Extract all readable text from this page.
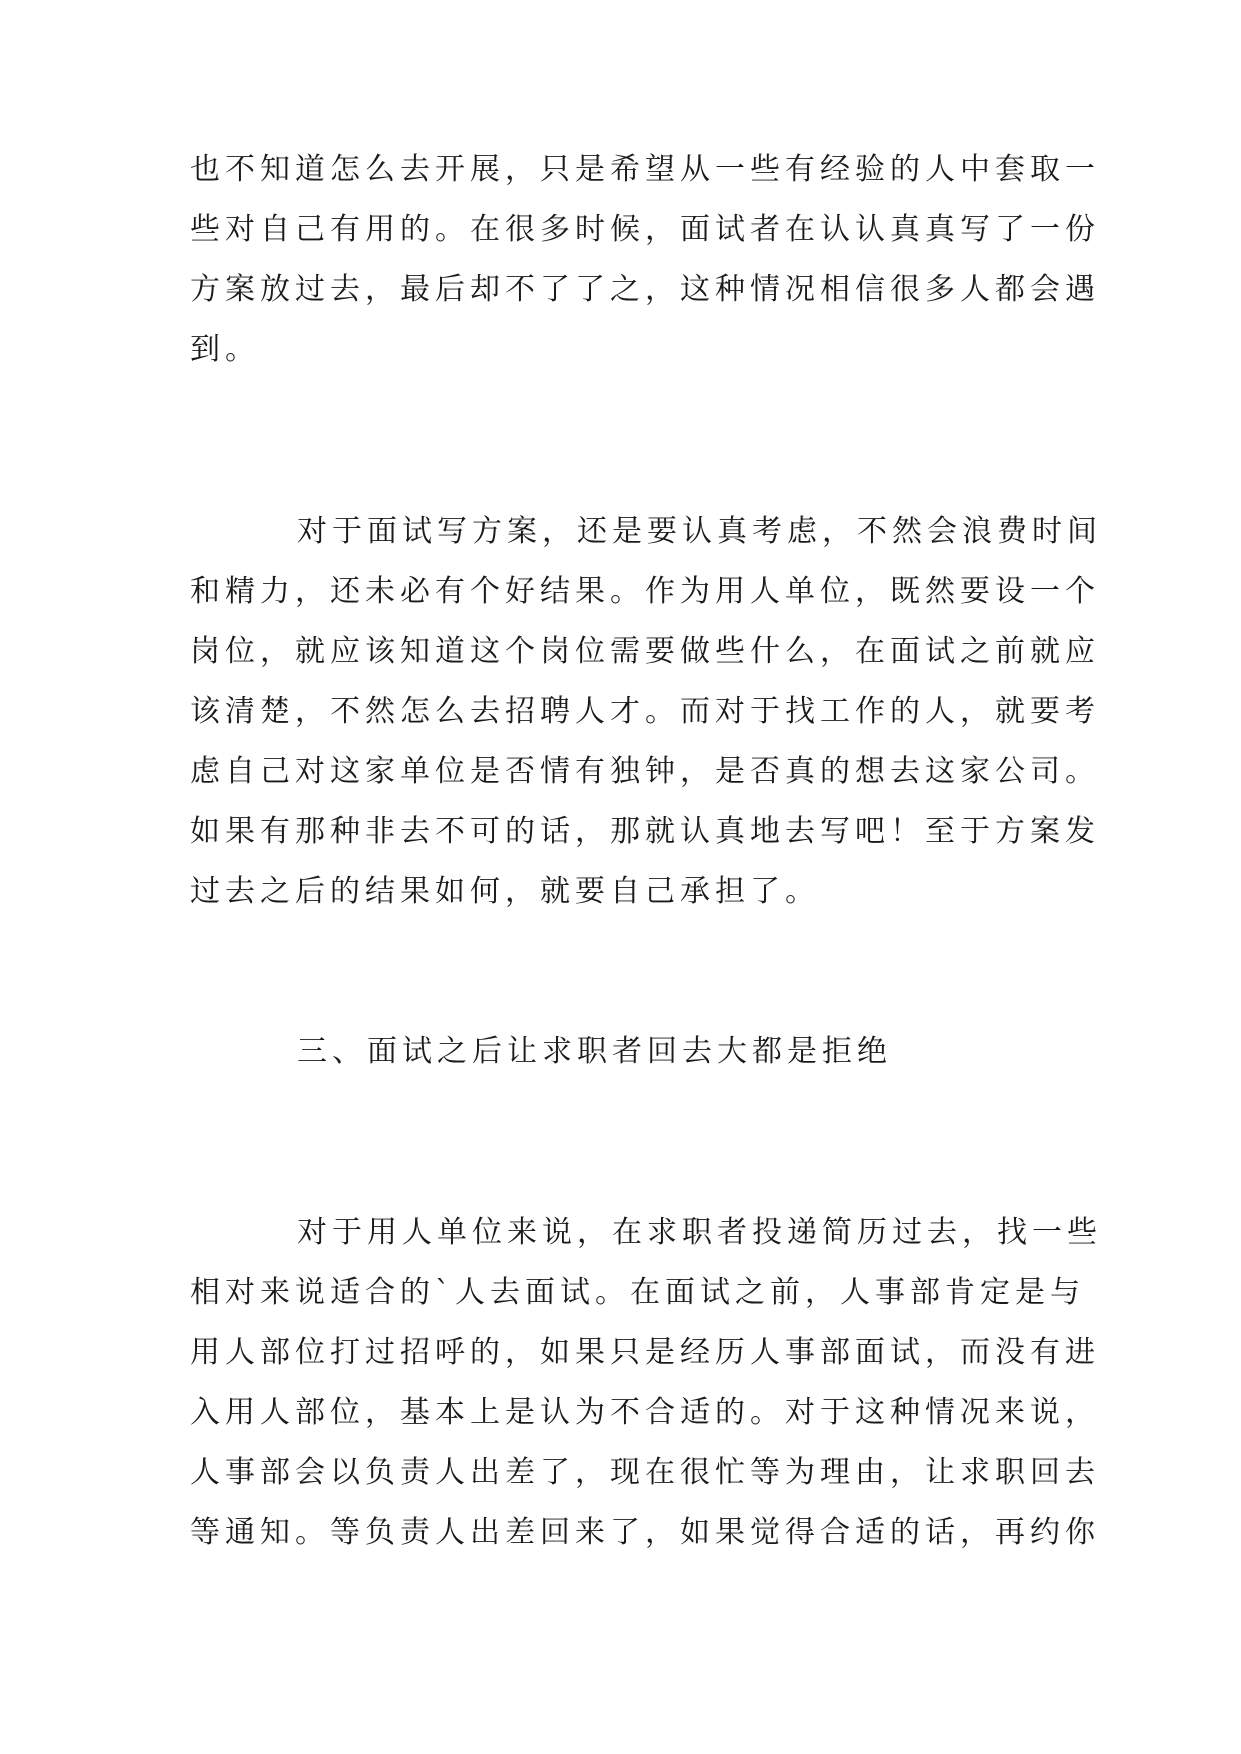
也不知道怎么去开展，只是希望从一些有经验的人中套取一

些对自己有用的。在很多时候，面试者在认认真真写了一份

方案放过去，最后却不了了之，这种情况相信很多人都会遇

到。

对于面试写方案，还是要认真考虑，不然会浪费时间

和精力，还未必有个好结果。作为用人单位，既然要设一个

岗位，就应该知道这个岗位需要做些什么，在面试之前就应

该清楚，不然怎么去招聘人才。而对于找工作的人，就要考

虑自己对这家单位是否情有独钟，是否真的想去这家公司。

如果有那种非去不可的话，那就认真地去写吧！至于方案发

过去之后的结果如何，就要自己承担了。

三、面试之后让求职者回去大都是拒绝

对于用人单位来说，在求职者投递简历过去，找一些

相对来说适合的`人去面试。在面试之前，人事部肯定是与

用人部位打过招呼的，如果只是经历人事部面试，而没有进

入用人部位，基本上是认为不合适的。对于这种情况来说，

人事部会以负责人出差了，现在很忙等为理由，让求职回去

等通知。等负责人出差回来了，如果觉得合适的话，再约你
